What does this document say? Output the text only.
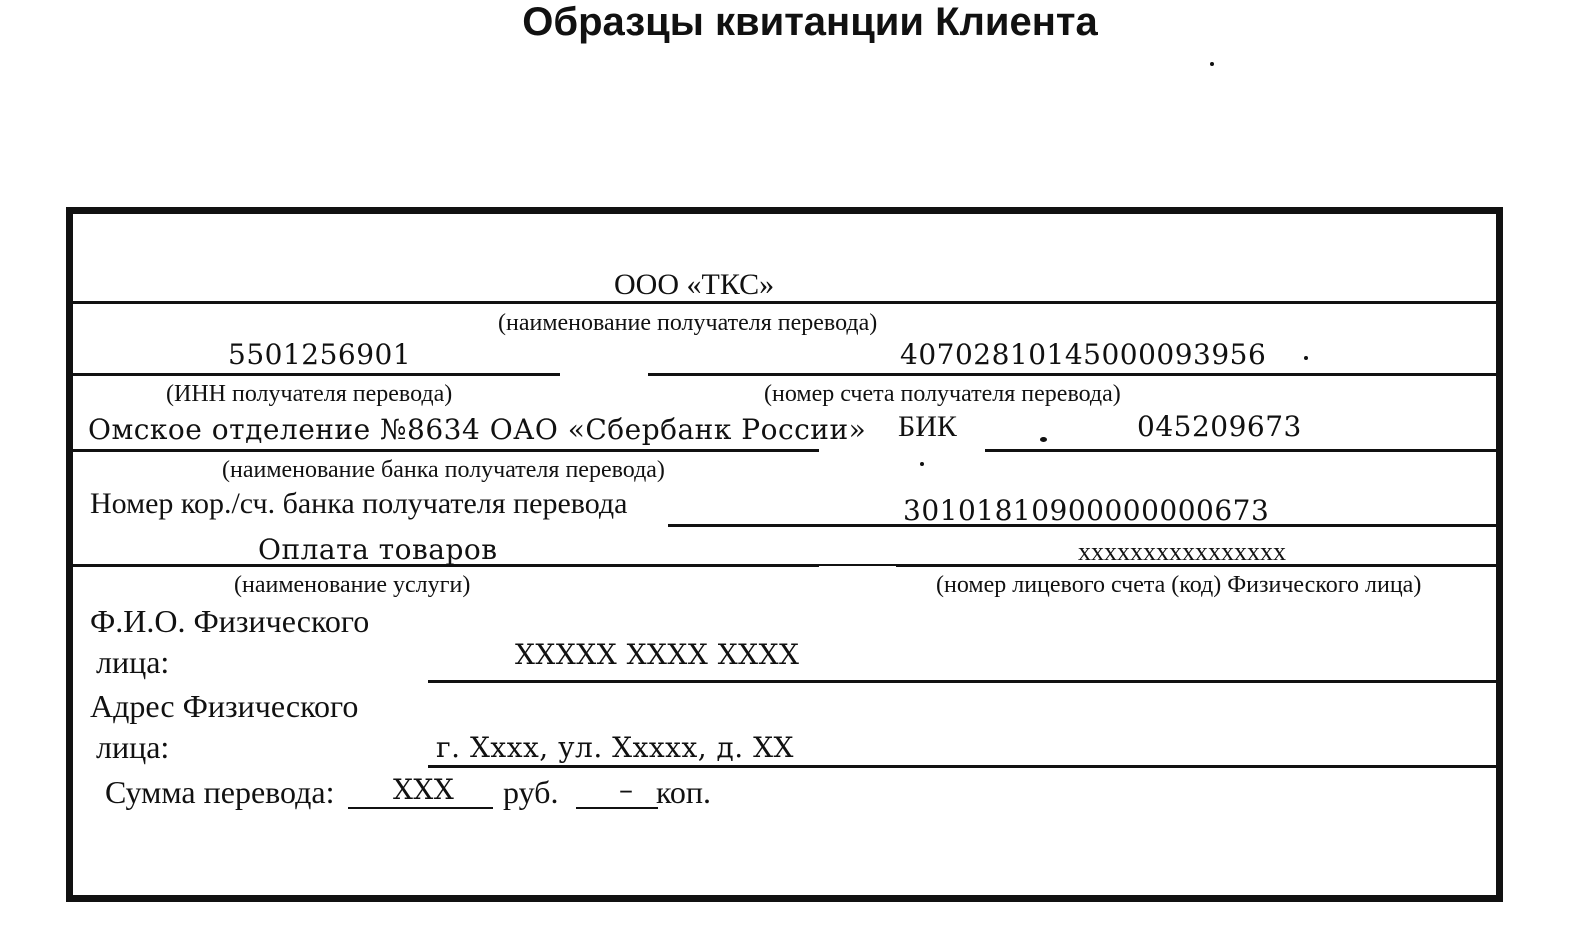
Образцы квитанции Клиента
ООО «ТКС»
(наименование получателя перевода)
5501256901	40702810145000093956
(ИНН получателя перевода)	(номер счета получателя перевода)
Омское отделение №8634 ОАО «Сбербанк России» БИК	045209673
(наименование банка получателя перевода)
Номер кор./сч. банка получателя перевода	30101810900000000673
Оплата товаров	xxxxxxxxxxxxxxxx
(наименование услуги)	(номер лицевого счета (код) Физического лица)
Ф.И.О. Физического
лица:	XXXXX XXXX XXXX
Адрес Физического
лица:	г. Xxxx, ул. Xxxxx, д. XX
Сумма перевода: XXX руб. – коп.
